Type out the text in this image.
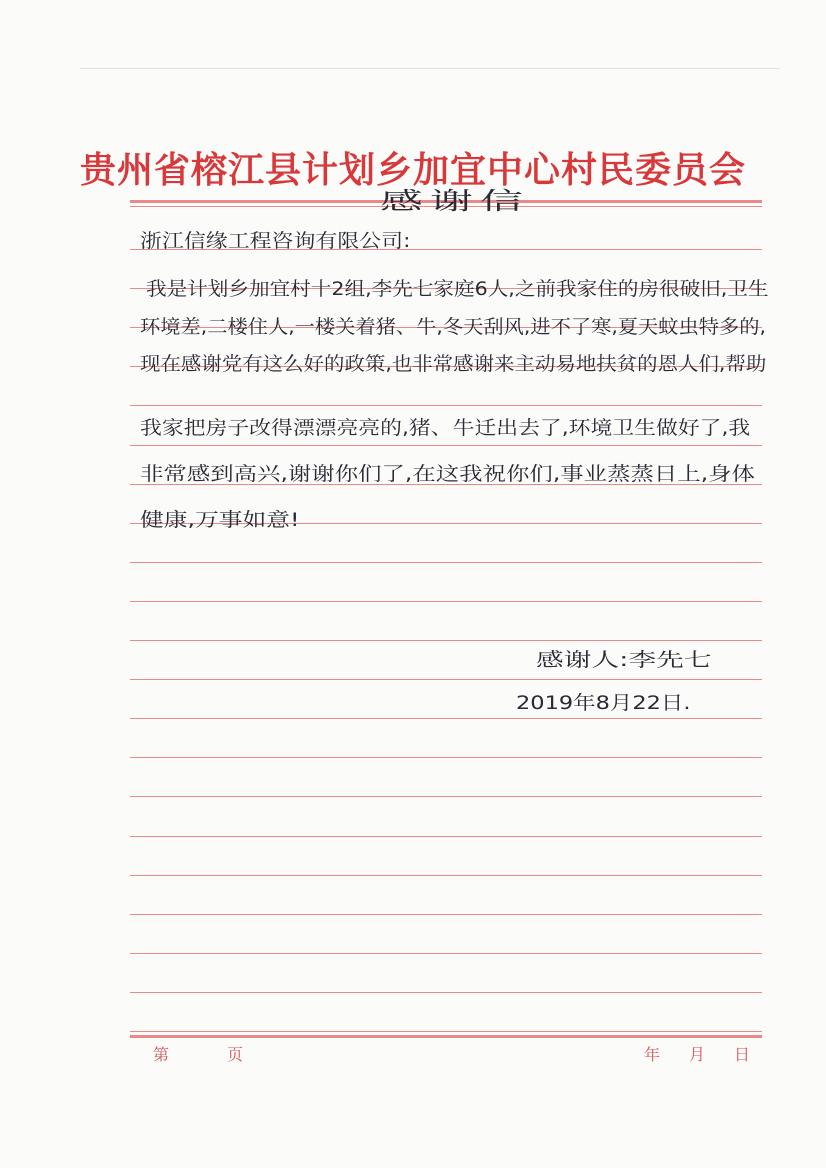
贵州省榕江县计划乡加宜中心村民委员会
感谢信
浙江信缘工程咨询有限公司:
我是计划乡加宜村十2组,李先七家庭6人,之前我家住的房很破旧,卫生
环境差,二楼住人,一楼关着猪、牛,冬天刮风,进不了寒,夏天蚊虫特多的,
现在感谢党有这么好的政策,也非常感谢来主动易地扶贫的恩人们,帮助
我家把房子改得漂漂亮亮的,猪、牛迁出去了,环境卫生做好了,我
非常感到高兴,谢谢你们了,在这我祝你们,事业蒸蒸日上,身体
健康,万事如意!
感谢人:李先七
2019年8月22日.
第	页	年 月 日
